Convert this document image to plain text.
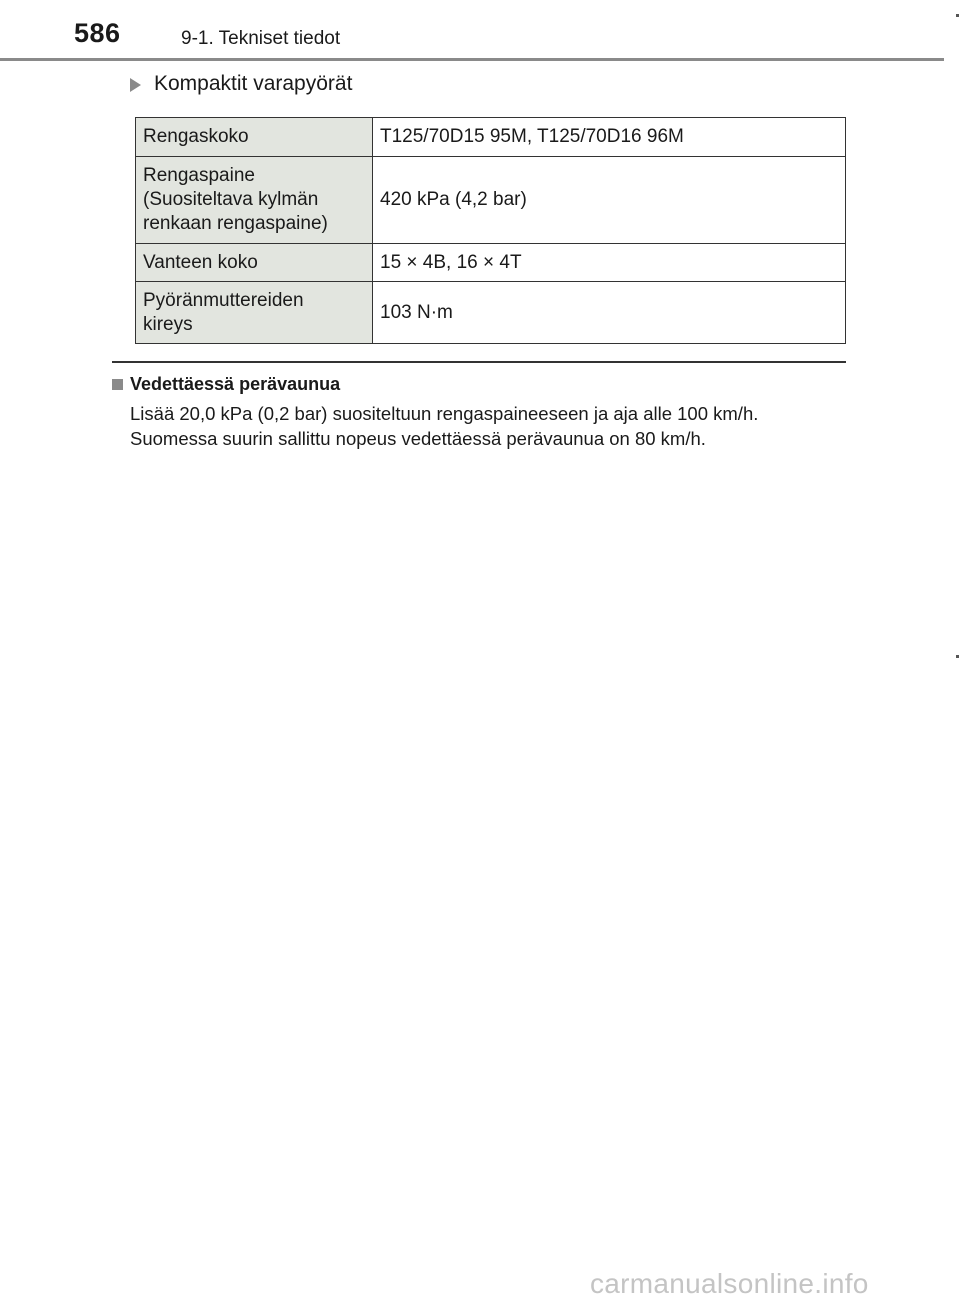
586	9-1. Tekniset tiedot
Kompaktit varapyörät
Rengaskoko	T125/70D15 95M, T125/70D16 96M

Rengaspaine
(Suositeltava kylmän
renkaan rengaspaine)	420 kPa (4,2 bar)
Vanteen koko	15 × 4B, 16 × 4T

Pyöränmuttereiden
kireys	103 N·m
Vedettäessä perävaunua

Lisää 20,0 kPa (0,2 bar) suositeltuun rengaspaineeseen ja aja alle 100 km/h.

Suomessa suurin sallittu nopeus vedettäessä perävaunua on 80 km/h.

carmanualsonline.info
